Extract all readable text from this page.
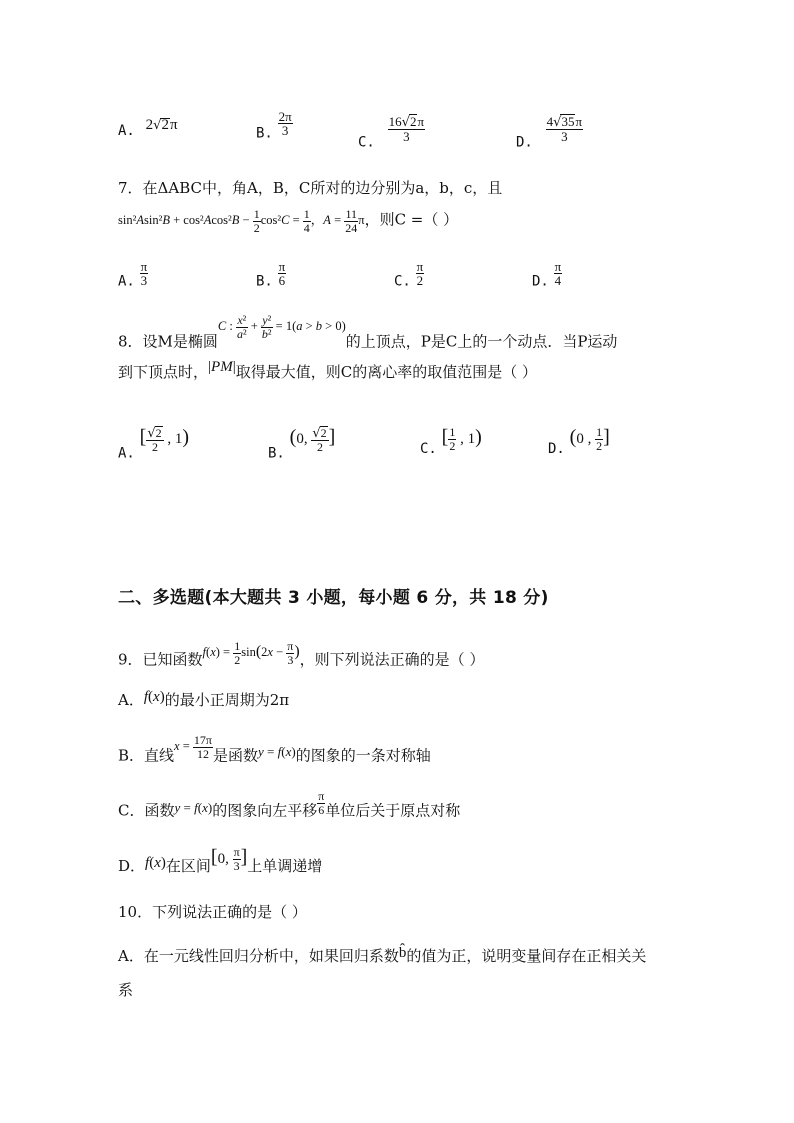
A. 2√2π
B. $\frac{2\pi}{3}$
C. $\frac{16√2\pi}{3}$	D. $\frac{4√35\pi}{3}$
7．在ΔABC中，角A，B，C所对的边分别为a，b，c，且
$\sin^2Asin^2B + \cos^2Acos^2B - \frac{1}{2} \cos^2C = \frac{1}{4}$ ，$A = \frac{11}{24}$ π，则C =（ ）
A. $\frac{\pi}{3}$	B. $\frac{\pi}{6}$	C. $\frac{\pi}{2}$	D. $\frac{\pi}{4}$
8．设M是椭圆$^{C : \frac{\text{x²}}{\text{a²}} + \frac{\text{y²}}{\text{b²}} = 1(a > b > 0)}$的上顶点，P是C上的一个动点．当P运动
到下顶点时，|PM|取得最大值，则C的离心率的取值范围是（ ）
A. [ $\frac{√2}{2}$ , 1)
B. (0, $\frac{√2}{2}$ ]
C. [ $\frac{1}{2}$ , 1)
D. (0 , $\frac{1}{2}$ ]
二、多选题(本大题共 3 小题，每小题 6 分，共 18 分)
9．已知函数$^{f(x) = \frac{1}{2} sin(2x - \frac{\pi}{3} )}$，则下列说法正确的是（ ）
A．f(x)的最小正周期为2π
B．直线$^{x = \frac{17\pi}{12}}$ 是函数y = f(x)的图象的一条对称轴
C．函数y = f(x)的图象向左平移 $\frac{\pi}{6}$ 单位后关于原点对称
D．f(x)在区间[0, $\frac{\pi}{3}$ ]上单调递增
10．下列说法正确的是（ ）
A．在一元线性回归分析中，如果回归系数b̂的值为正，说明变量间存在正相关关
系
